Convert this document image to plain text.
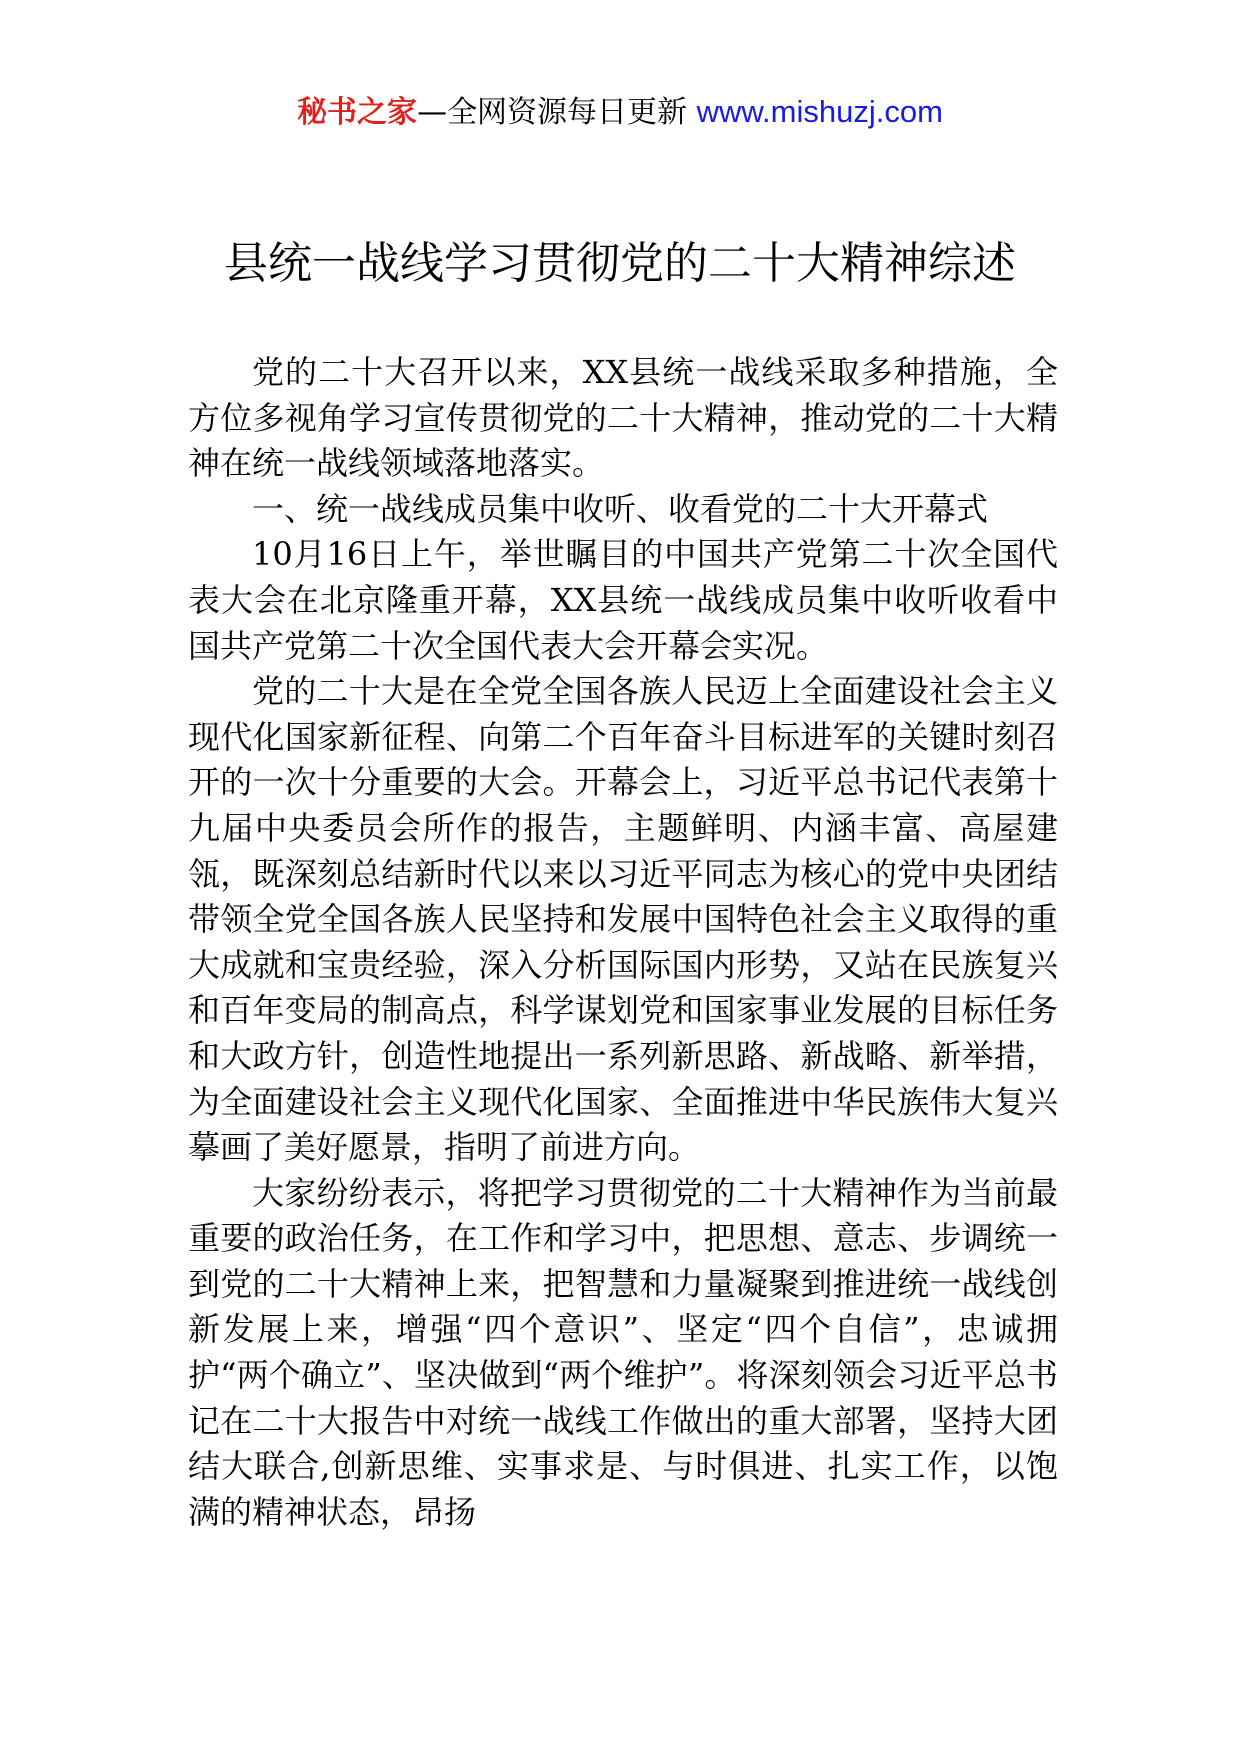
秘书之家—全网资源每日更新 www.mishuzj.com
县统一战线学习贯彻党的二十大精神综述

党的二十大召开以来，XX县统一战线采取多种措施，全方位多视角学习宣传贯彻党的二十大精神，推动党的二十大精神在统一战线领域落地落实。

一、统一战线成员集中收听、收看党的二十大开幕式

10月16日上午，举世瞩目的中国共产党第二十次全国代表大会在北京隆重开幕，XX县统一战线成员集中收听收看中国共产党第二十次全国代表大会开幕会实况。

党的二十大是在全党全国各族人民迈上全面建设社会主义现代化国家新征程、向第二个百年奋斗目标进军的关键时刻召开的一次十分重要的大会。开幕会上，习近平总书记代表第十九届中央委员会所作的报告，主题鲜明、内涵丰富、高屋建瓴，既深刻总结新时代以来以习近平同志为核心的党中央团结带领全党全国各族人民坚持和发展中国特色社会主义取得的重大成就和宝贵经验，深入分析国际国内形势，又站在民族复兴和百年变局的制高点，科学谋划党和国家事业发展的目标任务和大政方针，创造性地提出一系列新思路、新战略、新举措，为全面建设社会主义现代化国家、全面推进中华民族伟大复兴摹画了美好愿景，指明了前进方向。

大家纷纷表示，将把学习贯彻党的二十大精神作为当前最重要的政治任务，在工作和学习中，把思想、意志、步调统一到党的二十大精神上来，把智慧和力量凝聚到推进统一战线创新发展上来，增强“四个意识”、坚定“四个自信”，忠诚拥护“两个确立”、坚决做到“两个维护”。将深刻领会习近平总书记在二十大报告中对统一战线工作做出的重大部署，坚持大团结大联合,创新思维、实事求是、与时俱进、扎实工作，以饱满的精神状态，昂扬
